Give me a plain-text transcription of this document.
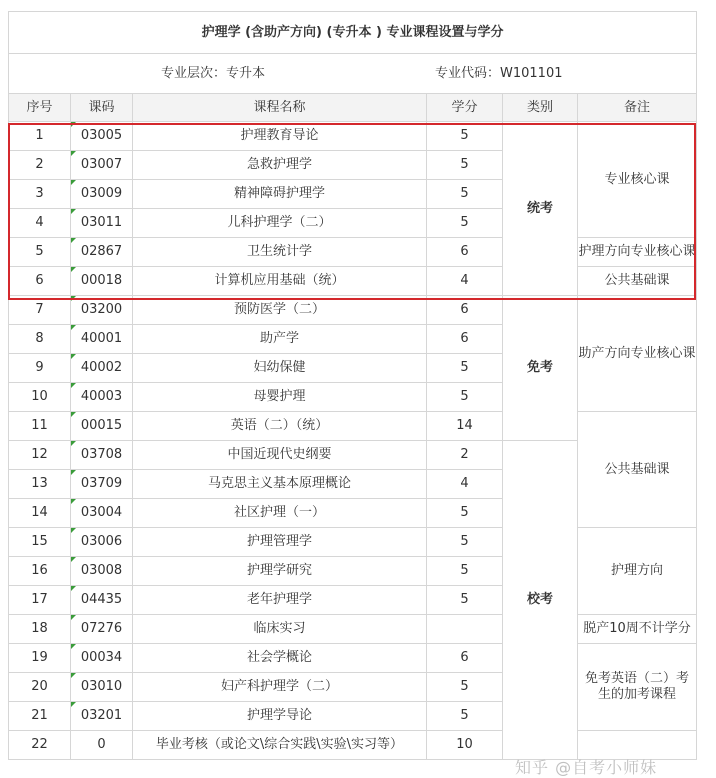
护理学 (含助产方向) (专升本 ) 专业课程设置与学分						

专业层次：专升本 专业代码：W101101						

序号	课码	课程名称	学分	类别	备注	
1	03005	护理教育导论	5	统考	专业核心课	
2	03007	急救护理学	5			
3	03009	精神障碍护理学	5			
4	03011	儿科护理学（二）	5			
5	02867	卫生统计学	6		护理方向专业核心课	
6	00018	计算机应用基础（统）	4		公共基础课	
7	03200	预防医学（二）	6	免考	助产方向专业核心课	
8	40001	助产学	6			
9	40002	妇幼保健	5			
10	40003	母婴护理	5			
11	00015	英语（二）（统）	14		公共基础课	
12	03708	中国近现代史纲要	2	校考		
13	03709	马克思主义基本原理概论	4			
14	03004	社区护理（一）	5			
15	03006	护理管理学	5		护理方向	
16	03008	护理学研究	5			
17	04435	老年护理学	5			
18	07276	临床实习			脱产10周不计学分	
19	00034	社会学概论	6		免考英语（二）考生的加考课程	
20	03010	妇产科护理学（二）	5			
21	03201	护理学导论	5			
22	0	毕业考核（或论文\综合实践\实验\实习等）	10			
知乎 @自考小师妹
